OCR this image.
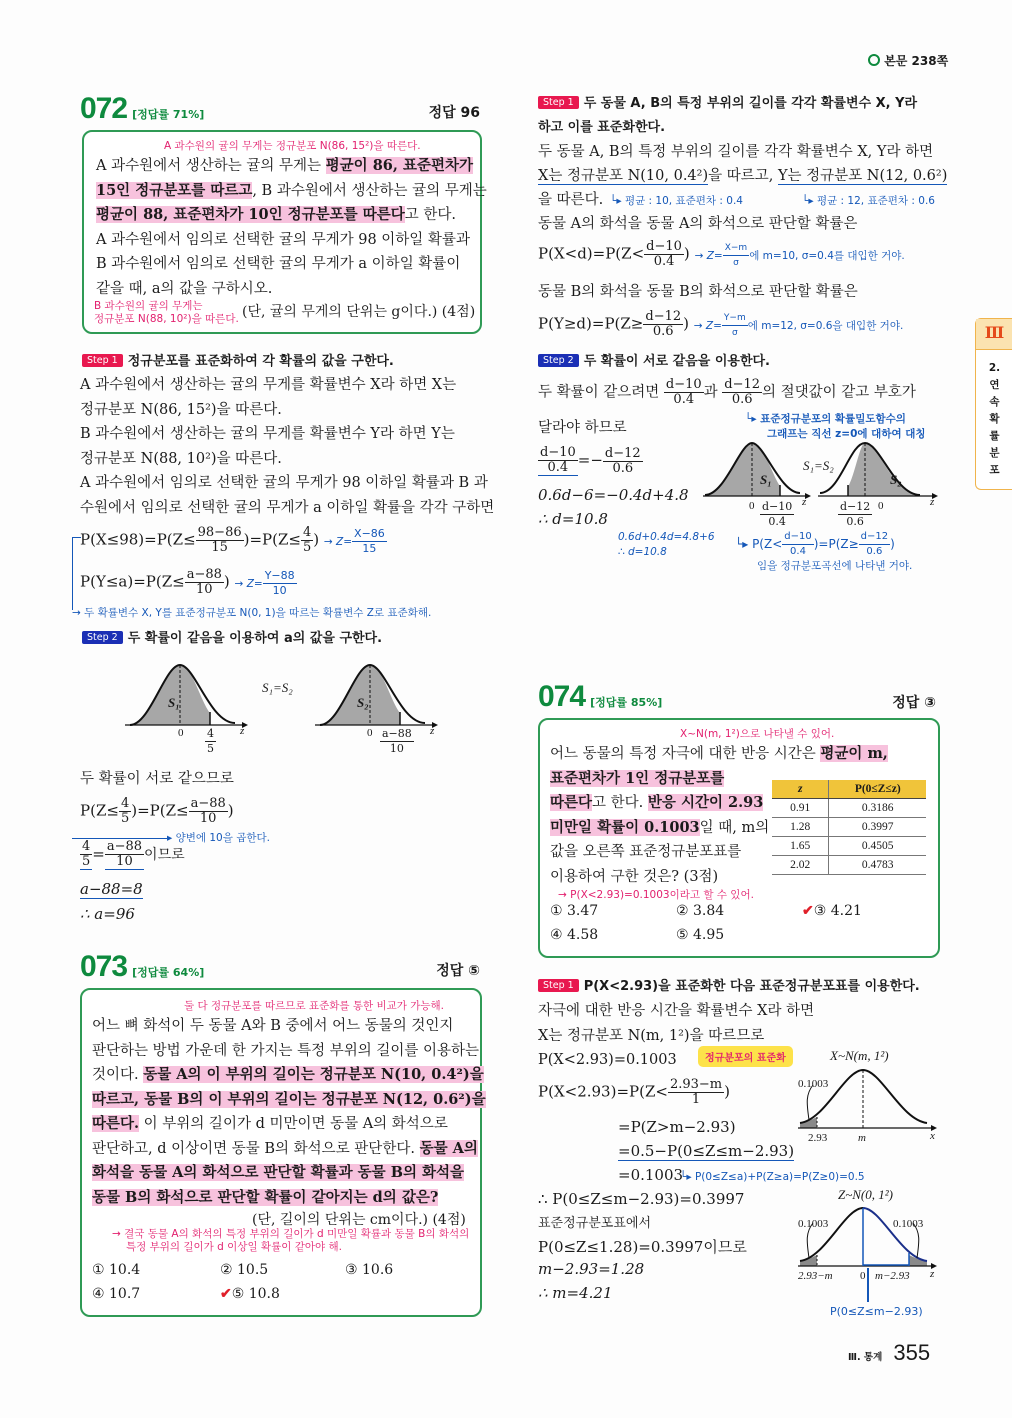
본문 238쪽
Ⅲ
2.연속확률분포
072 [정답률 71%]	정답 96
A 과수원의 귤의 무게는 정규분포 N(86, 15²)을 따른다.
A 과수원에서 생산하는 귤의 무게는 평균이 86, 표준편차가
15인 정규분포를 따르고, B 과수원에서 생산하는 귤의 무게는
평균이 88, 표준편차가 10인 정규분포를 따른다고 한다.
A 과수원에서 임의로 선택한 귤의 무게가 98 이하일 확률과
B 과수원에서 임의로 선택한 귤의 무게가 a 이하일 확률이
같을 때, a의 값을 구하시오.
B 과수원의 귤의 무게는
정규분포 N(88, 10²)을 따른다. (단, 귤의 무게의 단위는 g이다.) (4점)
Step 1 정규분포를 표준화하여 각 확률의 값을 구한다.
A 과수원에서 생산하는 귤의 무게를 확률변수 X라 하면 X는
정규분포 N(86, 15²)을 따른다.
B 과수원에서 생산하는 귤의 무게를 확률변수 Y라 하면 Y는
정규분포 N(88, 10²)을 따른다.
A 과수원에서 임의로 선택한 귤의 무게가 98 이하일 확률과 B 과
수원에서 임의로 선택한 귤의 무게가 a 이하일 확률을 각각 구하면
$P(X\le 98)=P(Z\le \frac{98-86}{15} )=P(Z\le \frac{4}{5}$ ) → $Z= \frac{X-86}{15}$
$P(Y\le a)=P(Z\le \frac{a-88}{10}$ ) → $Z= \frac{Y-88}{10}$
→ 두 확률변수 X, Y를 표준정규분포 N(0, 1)을 따르는 확률변수 Z로 표준화해.
Step 2 두 확률이 같음을 이용하여 a의 값을 구한다.
S₁	S₂
S₁=S₂
$0 \frac{4}{5}$ z	$0 \frac{a-88}{10}$ z
두 확률이 서로 같으므로
$P(Z\le \frac{4}{5} )=P(Z\le \frac{a-88}{10}$ )
▸ 양변에 10을 곱한다.
$\frac{4}{5} = \frac{a-88}{10}$ 이므로
a−88=8
∴ a=96
073 [정답률 64%]	정답 ⑤
둘 다 정규분포를 따르므로 표준화를 통한 비교가 가능해.
어느 뼈 화석이 두 동물 A와 B 중에서 어느 동물의 것인지
판단하는 방법 가운데 한 가지는 특정 부위의 길이를 이용하는
것이다. 동물 A의 이 부위의 길이는 정규분포 N(10, 0.4²)을
따르고, 동물 B의 이 부위의 길이는 정규분포 N(12, 0.6²)을
따른다. 이 부위의 길이가 d 미만이면 동물 A의 화석으로
판단하고, d 이상이면 동물 B의 화석으로 판단한다. 동물 A의
화석을 동물 A의 화석으로 판단할 확률과 동물 B의 화석을
동물 B의 화석으로 판단할 확률이 같아지는 d의 값은?
(단, 길이의 단위는 cm이다.) (4점)
→ 결국 동물 A의 화석의 특정 부위의 길이가 d 미만일 확률과 동물 B의 화석의
특정 부위의 길이가 d 이상일 확률이 같아야 해.
① 10.4	② 10.5	③ 10.6
④ 10.7	✔⑤ 10.8
Step 1 두 동물 A, B의 특정 부위의 길이를 각각 확률변수 X, Y라
하고 이를 표준화한다.
두 동물 A, B의 특정 부위의 길이를 각각 확률변수 X, Y라 하면
X는 정규분포 N(10, 0.4²)을 따르고, Y는 정규분포 N(12, 0.6²)
을 따른다. └▸ 평균 : 10, 표준편차 : 0.4	└▸ 평균 : 12, 표준편차 : 0.6
동물 A의 화석을 동물 A의 화석으로 판단할 확률은
$P(X<d)=P(Z< \frac{d-10}{0.4}$ ) → $Z= \frac{X-m}{\sigma}$ 에 m=10, σ=0.4를 대입한 거야.
동물 B의 화석을 동물 B의 화석으로 판단할 확률은
$P(Y\ge d)=P(Z\ge \frac{d-12}{0.6}$ ) → $Z= \frac{Y-m}{\sigma}$ 에 m=12, σ=0.6을 대입한 거야.
Step 2 두 확률이 서로 같음을 이용한다.
두 확률이 같으려면 $\frac{d-10}{0.4}$ 과 $\frac{d-12}{0.6}$ 의 절댓값이 같고 부호가
달라야 하므로
└▸ 표준정규분포의 확률밀도함수의
그래프는 직선 z=0에 대하여 대칭
$\frac{d-10}{0.4} =- \frac{d-12}{0.6}$
0.6d−6=−0.4d+4.8
∴ d=10.8
0.6d+0.4d=4.8+6
∴ d=10.8
S₁	S₂
S₁=S₂
$0 \frac{d-10}{0.4}$ z	$\frac{d-12}{0.6} 0$	z
└▸ $P(Z< \frac{d-10}{0.4} )=P(Z\ge \frac{d-12}{0.6}$ )
임을 정규분포곡선에 나타낸 거야.
074 [정답률 85%]	정답 ③
X~N(m, 1²)으로 나타낼 수 있어.
어느 동물의 특정 자극에 대한 반응 시간은 평균이 m,
표준편차가 1인 정규분포를
따른다고 한다. 반응 시간이 2.93
미만일 확률이 0.1003일 때, m의
값을 오른쪽 표준정규분포표를
이용하여 구한 것은? (3점)
→ P(X<2.93)=0.1003이라고 할 수 있어.
z	P(0≤Z≤z)
0.91	0.3186
1.28	0.3997
1.65	0.4505
2.02	0.4783
① 3.47	② 3.84	✔③ 4.21
④ 4.58	⑤ 4.95
Step 1 P(X<2.93)을 표준화한 다음 표준정규분포표를 이용한다.
자극에 대한 반응 시간을 확률변수 X라 하면
X는 정규분포 N(m, 1²)을 따르므로
P(X<2.93)=0.1003	정규분포의 표준화
$P(X<2.93)=P(Z< \frac{2.93-m}{1}$ )
=P(Z>m−2.93)
=0.5−P(0≤Z≤m−2.93)
=0.1003
└▸ P(0≤Z≤a)+P(Z≥a)=P(Z≥0)=0.5
∴ P(0≤Z≤m−2.93)=0.3997
표준정규분포표에서
P(0≤Z≤1.28)=0.3997이므로
m−2.93=1.28
∴ m=4.21
X~N(m, 1²)
0.1003
2.93	m	x
Z~N(0, 1²)
0.1003	0.1003
2.93−m 0 m−2.93 z
P(0≤Z≤m−2.93)
Ⅲ. 통계 355
